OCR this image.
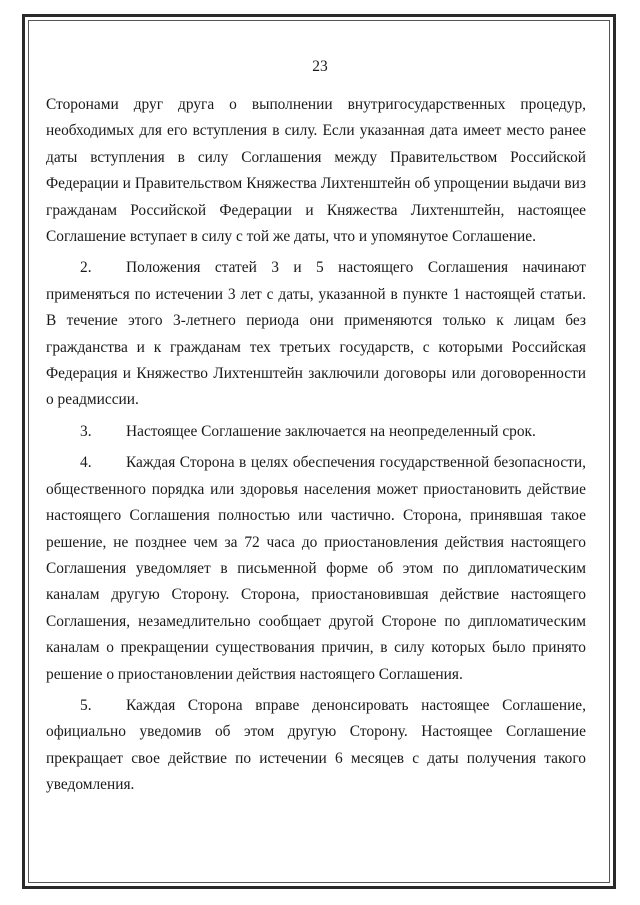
23

Сторонами друг друга о выполнении внутригосударственных процедур, необходимых для его вступления в силу. Если указанная дата имеет место ранее даты вступления в силу Соглашения между Правительством Российской Федерации и Правительством Княжества Лихтенштейн об упрощении выдачи виз гражданам Российской Федерации и Княжества Лихтенштейн, настоящее Соглашение вступает в силу с той же даты, что и упомянутое Соглашение.

2. Положения статей 3 и 5 настоящего Соглашения начинают применяться по истечении 3 лет с даты, указанной в пункте 1 настоящей статьи. В течение этого 3-летнего периода они применяются только к лицам без гражданства и к гражданам тех третьих государств, с которыми Российская Федерация и Княжество Лихтенштейн заключили договоры или договоренности о реадмиссии.

3. Настоящее Соглашение заключается на неопределенный срок.

4. Каждая Сторона в целях обеспечения государственной безопасности, общественного порядка или здоровья населения может приостановить действие настоящего Соглашения полностью или частично. Сторона, принявшая такое решение, не позднее чем за 72 часа до приостановления действия настоящего Соглашения уведомляет в письменной форме об этом по дипломатическим каналам другую Сторону. Сторона, приостановившая действие настоящего Соглашения, незамедлительно сообщает другой Стороне по дипломатическим каналам о прекращении существования причин, в силу которых было принято решение о приостановлении действия настоящего Соглашения.

5. Каждая Сторона вправе денонсировать настоящее Соглашение, официально уведомив об этом другую Сторону. Настоящее Соглашение прекращает свое действие по истечении 6 месяцев с даты получения такого уведомления.
